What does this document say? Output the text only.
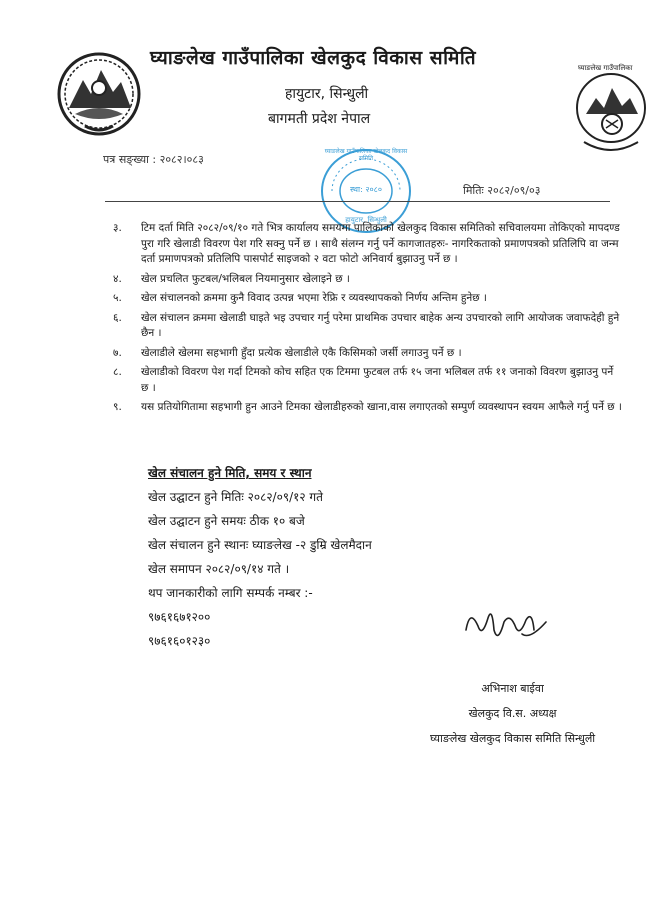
घ्याङलेख गाउँपालिका
घ्याङलेख गाउँपालिका खेलकुद विकास समिति
हायुटार, सिन्धुली
बागमती प्रदेश नेपाल
पत्र सङ्ख्या : २०८२।०८३
मितिः २०८२/०९/०३
घ्याङलेख गाउँपालिका खेलकुद विकास समिति
स्था: २०८०
हायुटार, सिन्धुली
३.	टिम दर्ता मिति २०८२/०९/१० गते भित्र कार्यालय समयमा पालिकाको खेलकुद विकास समितिको सचिवालयमा तोकिएको मापदण्ड पुरा गरि खेलाडी विवरण पेश गरि सक्नु पर्ने छ । साथै संलग्न गर्नु पर्ने कागजातहरुः- नागरिकताको प्रमाणपत्रको प्रतिलिपि वा जन्म दर्ता प्रमाणपत्रको प्रतिलिपि पासपोर्ट साइजको २ वटा फोटो अनिवार्य बुझाउनु पर्ने छ ।
४.	खेल प्रचलित फुटबल/भलिबल नियमानुसार खेलाइने छ ।
५.	खेल संचालनको क्रममा कुनै विवाद उत्पन्न भएमा रेफ्रि र व्यवस्थापकको निर्णय अन्तिम हुनेछ ।
६.	खेल संचालन क्रममा खेलाडी घाइते भइ उपचार गर्नु परेमा प्राथमिक उपचार बाहेक अन्य उपचारको लागि आयोजक जवाफदेही हुने छैन ।
७.	खेलाडीले खेलमा सहभागी हुँदा प्रत्येक खेलाडीले एकै किसिमको जर्सी लगाउनु पर्ने छ ।
८.	खेलाडीको विवरण पेश गर्दा टिमको कोच सहित एक टिममा फुटबल तर्फ १५ जना भलिबल तर्फ ११ जनाको विवरण बुझाउनु पर्ने छ ।
९.	यस प्रतियोगितामा सहभागी हुन आउने टिमका खेलाडीहरुको खाना,वास लगाएतको सम्पुर्ण व्यवस्थापन स्वयम आफैले गर्नु पर्ने छ ।
खेल संचालन हुने मिति, समय र स्थान
खेल उद्घाटन हुने मितिः २०८२/०९/१२ गते
खेल उद्घाटन हुने समयः ठीक १० बजे
खेल संचालन हुने स्थानः घ्याङलेख -२ डुम्रि खेलमैदान
खेल समापन २०८२/०९/१४ गते ।
थप जानकारीको लागि सम्पर्क नम्बर :-
९७६१६७१२००
९७६१६०१२३०
अभिनाश बाईवा
खेलकुद वि.स. अध्यक्ष
घ्याङलेख खेलकुद विकास समिति सिन्धुली
